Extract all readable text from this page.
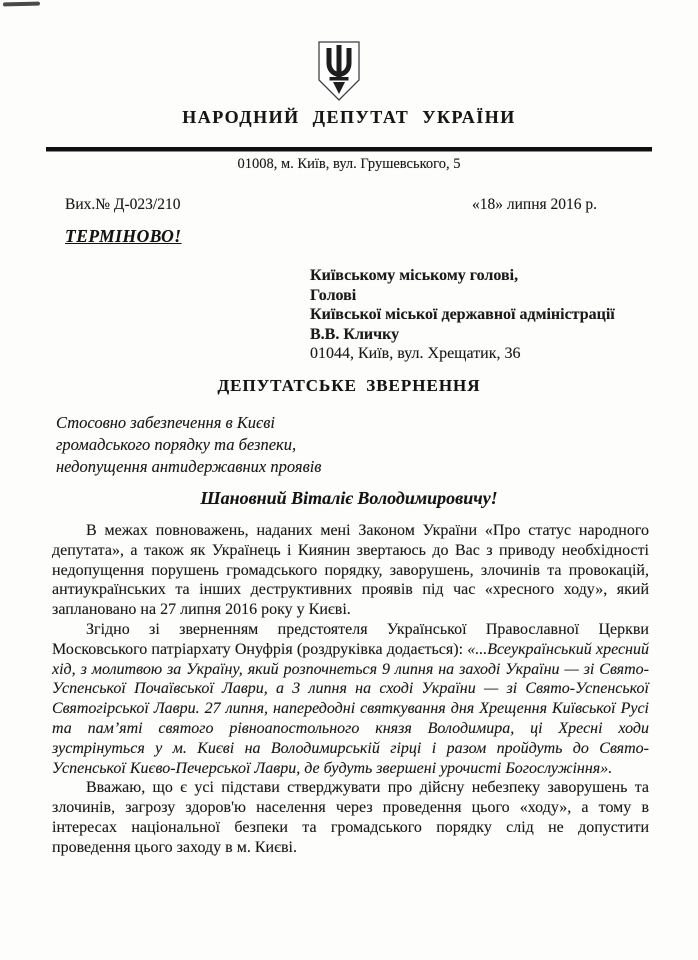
НАРОДНИЙ ДЕПУТАТ УКРАЇНИ
01008, м. Київ, вул. Грушевського, 5
Вих.№ Д-023/210	«18» липня 2016 р.
ТЕРМІНОВО!
Київському міському голові,
Голові
Київської міської державної адміністрації
В.В. Кличку
01044, Київ, вул. Хрещатик, 36
ДЕПУТАТСЬКЕ ЗВЕРНЕННЯ
Стосовно забезпечення в Києві
громадського порядку та безпеки,
недопущення антидержавних проявів
Шановний Віталіє Володимировичу!

В межах повноважень, наданих мені Законом України «Про статус народного депутата», а також як Українець і Киянин звертаюсь до Вас з приводу необхідності недопущення порушень громадського порядку, заворушень, злочинів та провокацій, антиукраїнських та інших деструктивних проявів під час «хресного ходу», який заплановано на 27 липня 2016 року у Києві.

Згідно зі зверненням предстоятеля Української Православної Церкви Московського патріархату Онуфрія (роздруківка додається): «...Всеукраїнський хресний хід, з молитвою за Україну, який розпочнеться 9 липня на заході України — зі Свято-Успенської Почаївської Лаври, а 3 липня на сході України — зі Свято-Успенської Святогірської Лаври. 27 липня, напередодні святкування дня Хрещення Київської Русі та пам’яті святого рівноапостольного князя Володимира, ці Хресні ходи зустрінуться у м. Києві на Володимирській гірці і разом пройдуть до Свято-Успенської Києво-Печерської Лаври, де будуть звершені урочисті Богослужіння».

Вважаю, що є усі підстави стверджувати про дійсну небезпеку заворушень та злочинів, загрозу здоров'ю населення через проведення цього «ходу», а тому в інтересах національної безпеки та громадського порядку слід не допустити проведення цього заходу в м. Києві.
